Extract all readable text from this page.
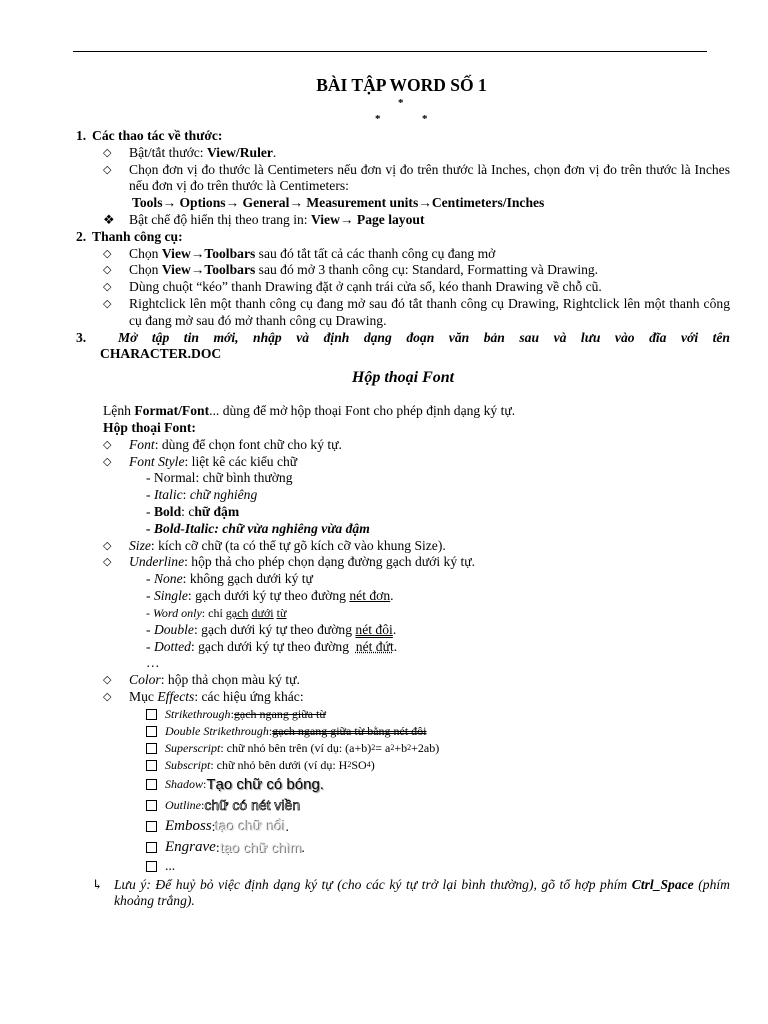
BÀI TẬP WORD SỐ 1
*
*	*
1. Các thao tác về thước:
◇	Bật/tắt thước: View/Ruler.
◇	Chọn đơn vị đo thước là Centimeters nếu đơn vị đo trên thước là Inches, chọn đơn vị đo trên thước là Inches nếu đơn vị đo trên thước là Centimeters:
Tools→ Options→ General→ Measurement units→Centimeters/Inches
❖	Bật chế độ hiển thị theo trang in: View→ Page layout
2. Thanh công cụ:
◇	Chọn View→Toolbars sau đó tắt tất cả các thanh công cụ đang mở
◇	Chọn View→Toolbars sau đó mở 3 thanh công cụ: Standard, Formatting và Drawing.
◇	Dùng chuột “kéo” thanh Drawing đặt ở cạnh trái cửa sổ, kéo thanh Drawing về chỗ cũ.
◇	Rightclick lên một thanh công cụ đang mở sau đó tắt thanh công cụ Drawing, Rightclick lên một thanh công cụ đang mở sau đó mở thanh công cụ Drawing.
3.	Mở tập tin mới, nhập và định dạng đoạn văn bản sau và lưu vào đĩa với tên
CHARACTER.DOC
Hộp thoại Font
Lệnh Format/Font... dùng để mở hộp thoại Font cho phép định dạng ký tự.
Hộp thoại Font:
◇	Font: dùng để chọn font chữ cho ký tự.
◇	Font Style: liệt kê các kiểu chữ
- Normal: chữ bình thường
- Italic: chữ nghiêng
- Bold: chữ đậm
- Bold-Italic: chữ vừa nghiêng vừa đậm
◇	Size: kích cỡ chữ (ta có thể tự gõ kích cỡ vào khung Size).
◇	Underline: hộp thả cho phép chọn dạng đường gạch dưới ký tự.
- None: không gạch dưới ký tự
- Single: gạch dưới ký tự theo đường nét đơn.
- Word only: chỉ gạch dưới từ
- Double: gạch dưới ký tự theo đường nét đôi.
- Dotted: gạch dưới ký tự theo đường  nét đứt.
…
◇	Color: hộp thả chọn màu ký tự.
◇	Mục Effects: các hiệu ứng khác:
Strikethrough : gạch ngang giữa từ
Double Strikethrough : gạch ngang giữa từ bằng nét đôi
Superscript : chữ nhỏ bên trên (ví dụ: (a+b) 2 = a 2 +b 2 +2ab)
Subscript : chữ nhỏ bên dưới (ví dụ: H 2 SO 4 )
Shadow : Tạo chữ có bóng.
Outline : chữ có nét viền
Emboss : tạo chữ nổi .
Engrave : tạo chữ chìm .
...
↳ Lưu ý: Để huỷ bỏ việc định dạng ký tự (cho các ký tự trở lại bình thường), gõ tổ hợp phím Ctrl_Space (phím khoảng trắng).
